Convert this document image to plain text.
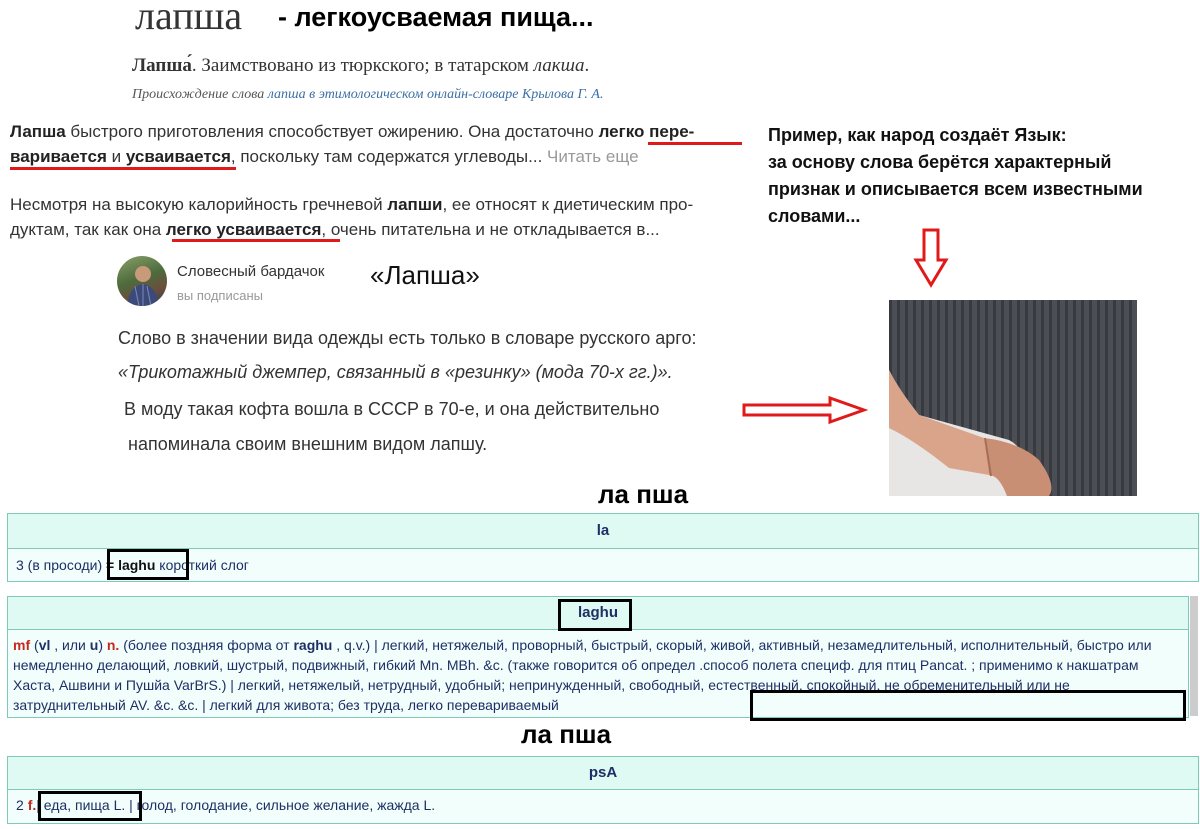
лапша - легкоусваемая пища...
Лапша́. Заимствовано из тюркского; в татарском лакша.
Происхождение слова лапша в этимологическом онлайн-словаре Крылова Г. А.
Лапша быстрого приготовления способствует ожирению. Она достаточно легко пере-
варивается и усваивается, поскольку там содержатся углеводы... Читать еще
Несмотря на высокую калорийность гречневой лапши, ее относят к диетическим про-
дуктам, так как она легко усваивается, очень питательна и не откладывается в...
Пример, как народ создаёт Язык:
за основу слова берётся характерный
признак и описывается всем известными
словами...
Словесный бардачок
вы подписаны
«Лапша»
Слово в значении вида одежды есть только в словаре русского арго:
«Трикотажный джемпер, связанный в «резинку» (мода 70-х гг.)».
В моду такая кофта вошла в СССР в 70-е, и она действительно
напоминала своим внешним видом лапшу.
ла пша
la
3 (в просоди) = laghu короткий слог
laghu
mf (vl , или u) n. (более поздняя форма от raghu , q.v.) | легкий, нетяжелый, проворный, быстрый, скорый, живой, активный, незамедлительный, исполнительный, быстро или немедленно делающий, ловкий, шустрый, подвижный, гибкий Mn. MBh. &c. (также говорится об определ .способ полета специф. для птиц Pancat. ; применимо к накшатрам Хаста, Ашвини и Пушйа VarBrS.) | легкий, нетяжелый, нетрудный, удобный; непринужденный, свободный, естественный, спокойный, не обременительный или не затруднительный AV. &c. &c. | легкий для живота; без труда, легко перевариваемый
ла пша
psA
2 f.| еда, пища L. | голод, голодание, сильное желание, жажда L.
